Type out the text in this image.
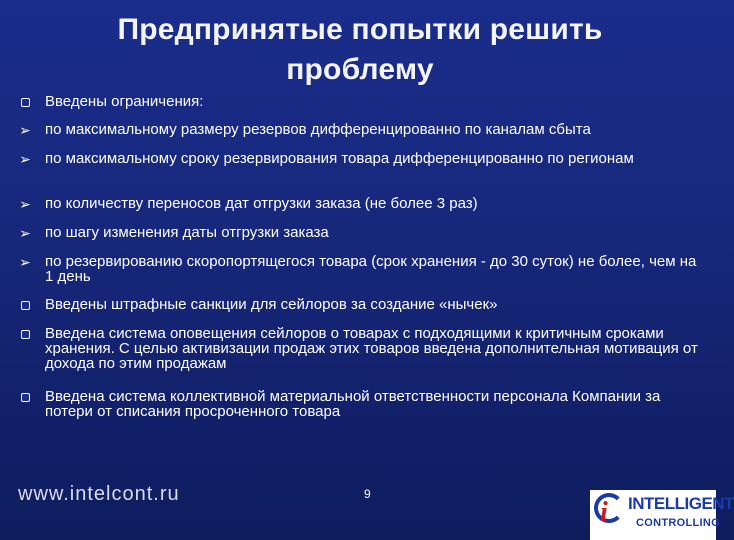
Предпринятые попытки решить
проблему
Введены ограничения:
➢ по максимальному размеру резервов дифференцированно по каналам сбыта
➢ по максимальному сроку резервирования товара дифференцированно по регионам
➢ по количеству переносов дат отгрузки заказа (не более 3 раз)
➢ по шагу изменения даты отгрузки заказа
➢ по резервированию скоропортящегося товара (срок хранения - до 30 суток) не более, чем на 1 день
Введены штрафные санкции для сейлоров за создание «нычек»
Введена система оповещения сейлоров о товарах с подходящими к критичным сроками хранения. С целью активизации продаж этих товаров введена дополнительная мотивация от дохода по этим продажам
Введена система коллективной материальной ответственности персонала Компании за потери от списания просроченного товара
www.intelcont.ru	9
i INTELLIGENT
CONTROLLING
